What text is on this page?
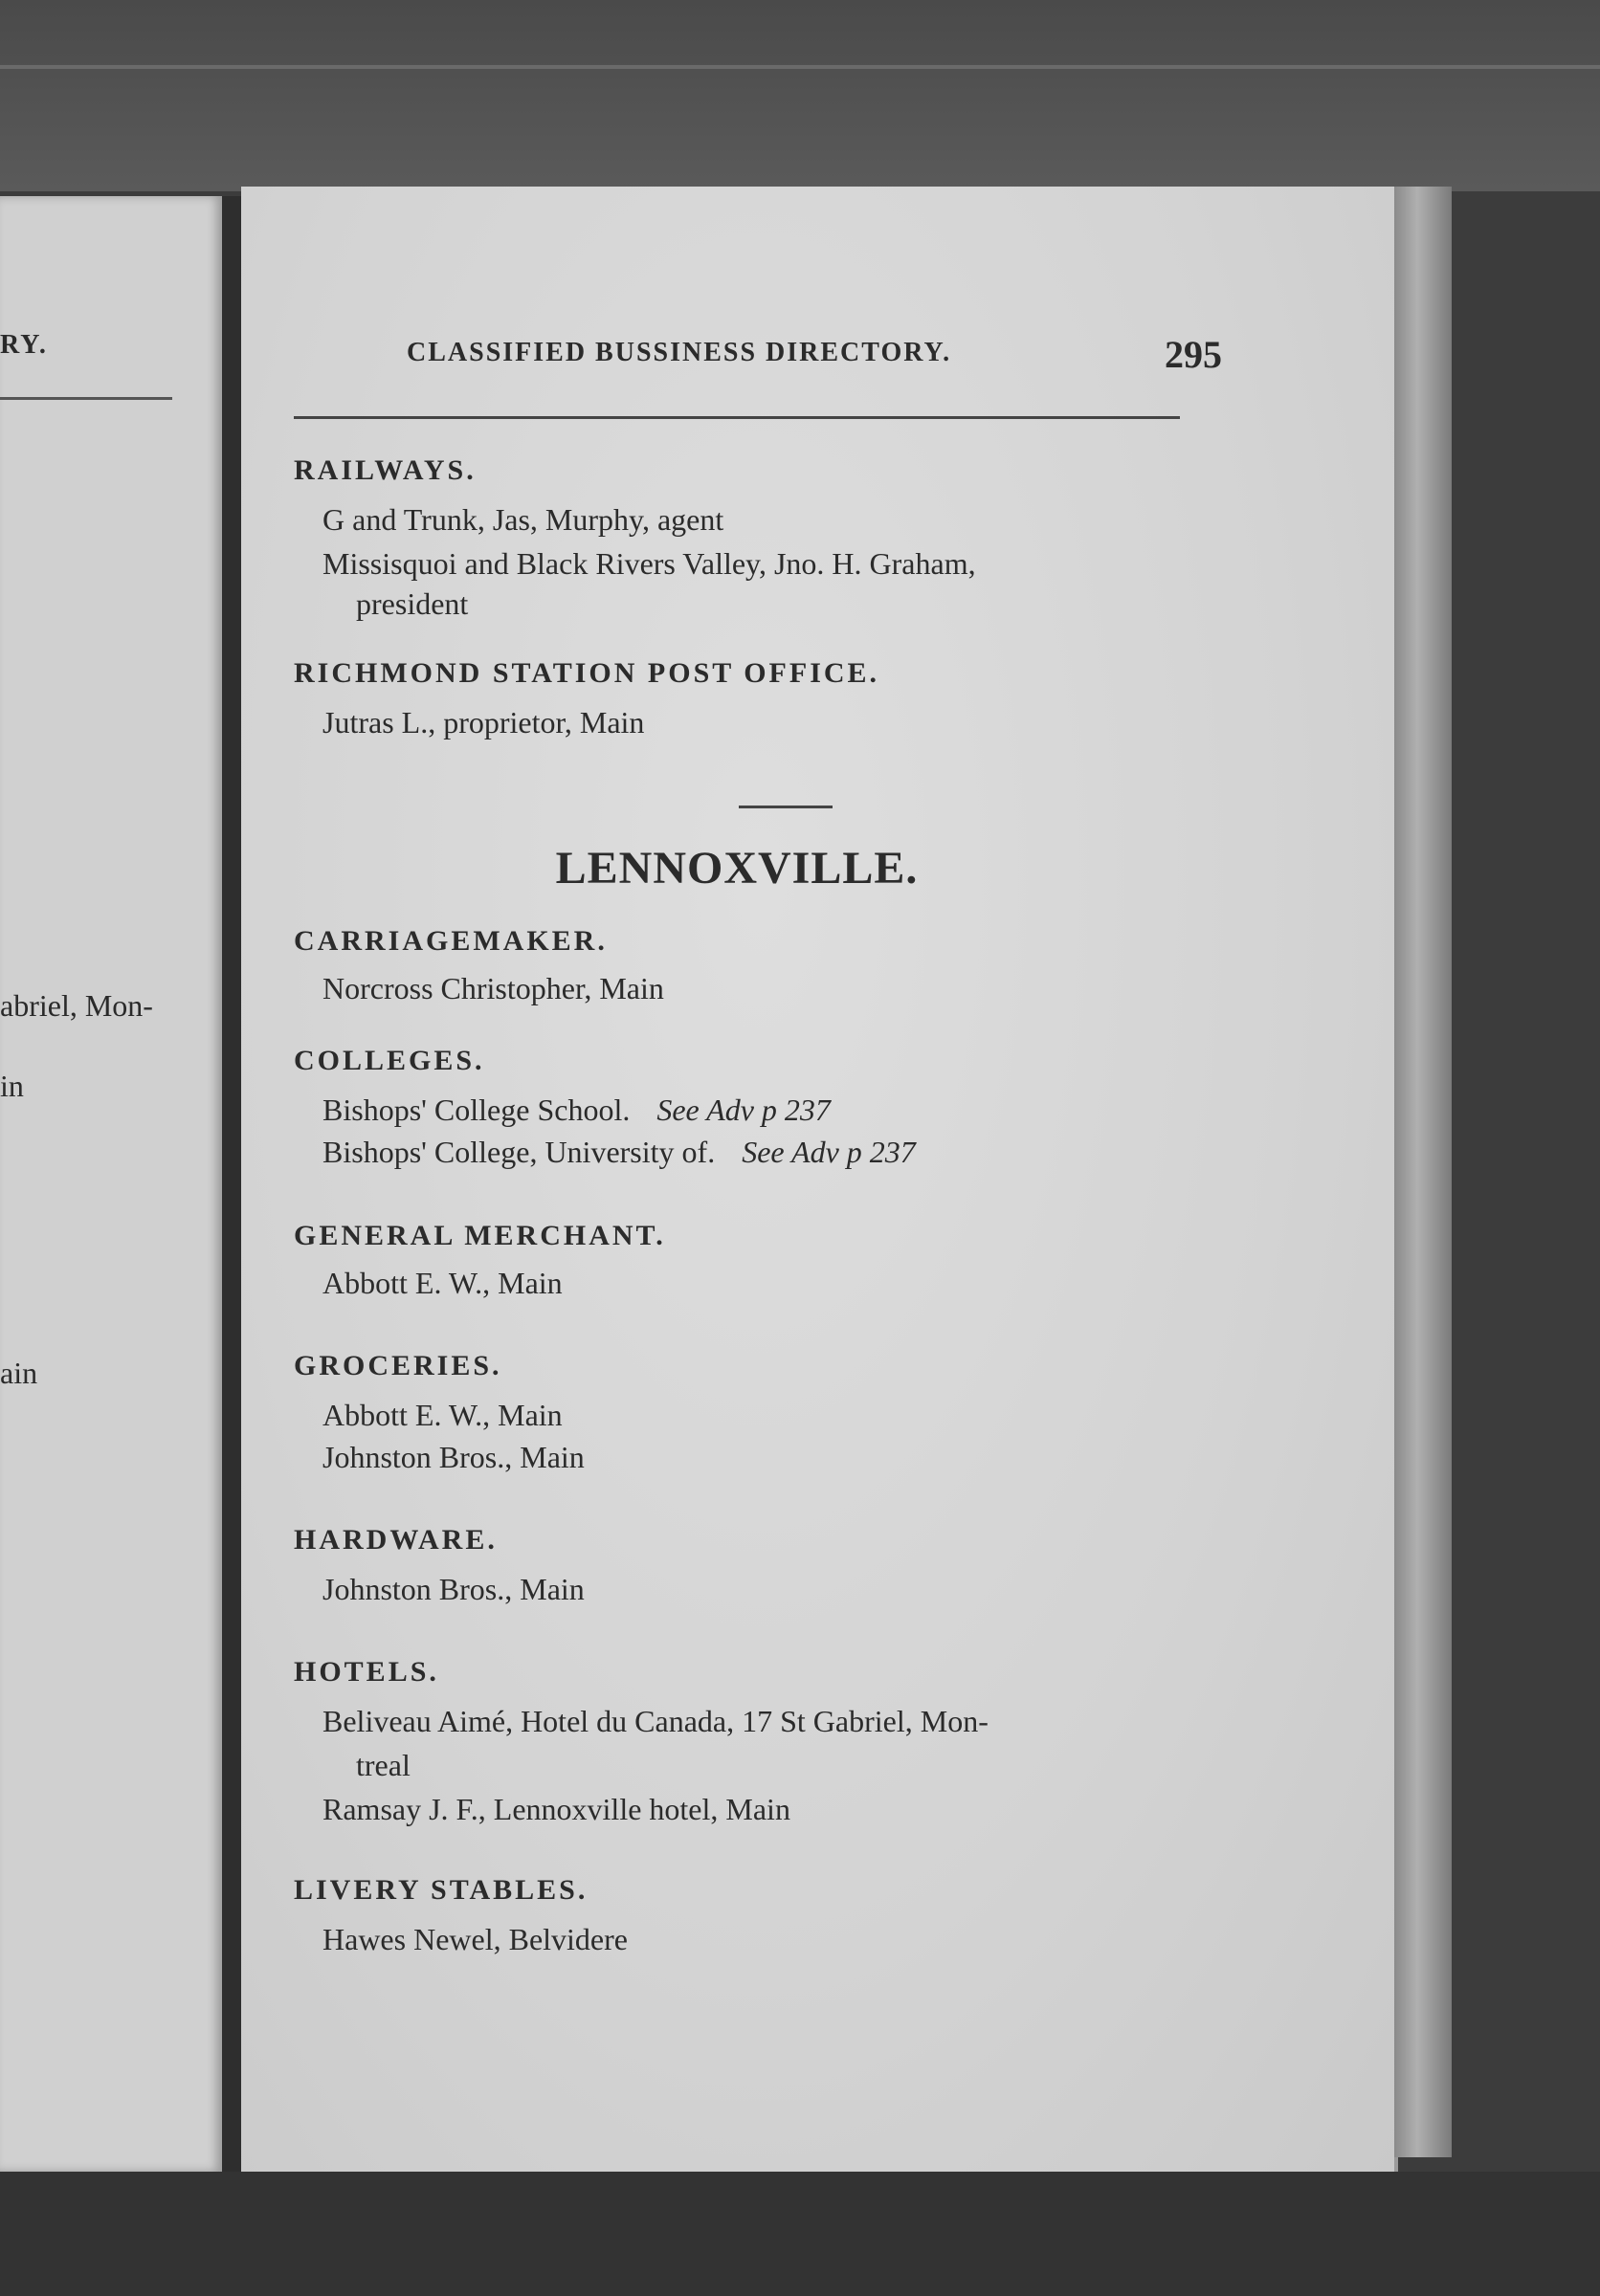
RY.

abriel, Mon-

in

ain

CLASSIFIED BUSSINESS DIRECTORY.	295

RAILWAYS.

G and Trunk, Jas, Murphy, agent

Missisquoi and Black Rivers Valley, Jno. H. Graham,

president

RICHMOND STATION POST OFFICE.

Jutras L., proprietor, Main

LENNOXVILLE.

CARRIAGEMAKER.

Norcross Christopher, Main

COLLEGES.

Bishops' College School. See Adv p 237

Bishops' College, University of. See Adv p 237

GENERAL MERCHANT.

Abbott E. W., Main

GROCERIES.

Abbott E. W., Main

Johnston Bros., Main

HARDWARE.

Johnston Bros., Main

HOTELS.

Beliveau Aimé, Hotel du Canada, 17 St Gabriel, Mon-

treal

Ramsay J. F., Lennoxville hotel, Main

LIVERY STABLES.

Hawes Newel, Belvidere
